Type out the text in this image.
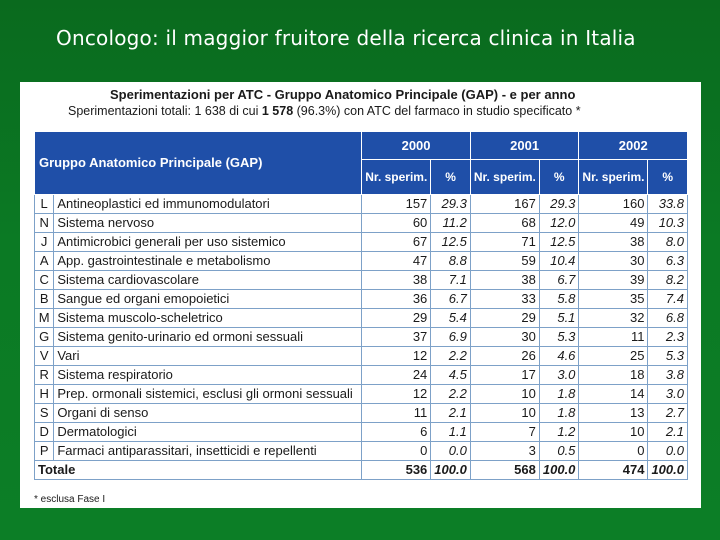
Oncologo: il maggior fruitore della ricerca clinica in Italia
Sperimentazioni per ATC - Gruppo Anatomico Principale (GAP) - e per anno
Sperimentazioni totali: 1 638 di cui 1 578 (96.3%) con ATC del farmaco in studio specificato *
Gruppo Anatomico Principale (GAP)		2000		2001		2002	
		Nr. sperim.	%	Nr. sperim.	%	Nr. sperim.	%
L	Antineoplastici ed immunomodulatori	157	29.3	167	29.3	160	33.8
N	Sistema nervoso	60	11.2	68	12.0	49	10.3
J	Antimicrobici generali per uso sistemico	67	12.5	71	12.5	38	8.0
A	App. gastrointestinale e metabolismo	47	8.8	59	10.4	30	6.3
C	Sistema cardiovascolare	38	7.1	38	6.7	39	8.2
B	Sangue ed organi emopoietici	36	6.7	33	5.8	35	7.4
M	Sistema muscolo-scheletrico	29	5.4	29	5.1	32	6.8
G	Sistema genito-urinario ed ormoni sessuali	37	6.9	30	5.3	11	2.3
V	Vari	12	2.2	26	4.6	25	5.3
R	Sistema respiratorio	24	4.5	17	3.0	18	3.8
H	Prep. ormonali sistemici, esclusi gli ormoni sessuali	12	2.2	10	1.8	14	3.0
S	Organi di senso	11	2.1	10	1.8	13	2.7
D	Dermatologici	6	1.1	7	1.2	10	2.1
P	Farmaci antiparassitari, insetticidi e repellenti	0	0.0	3	0.5	0	0.0
Totale		536	100.0	568	100.0	474	100.0
* esclusa Fase I
